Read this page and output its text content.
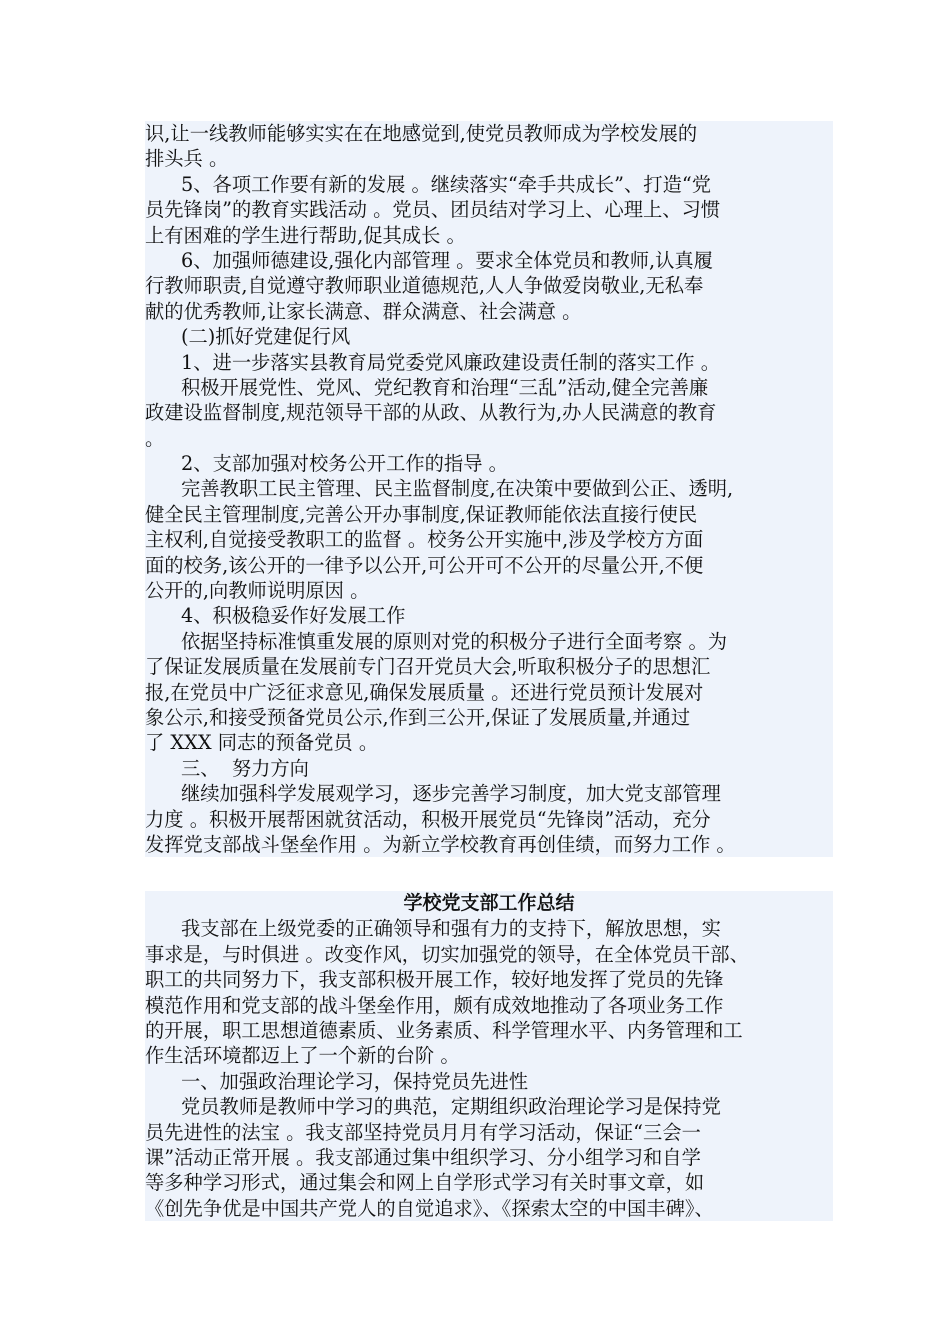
识,让一线教师能够实实在在地感觉到,使党员教师成为学校发展的
排头兵 。
5、各项工作要有新的发展 。继续落实“牵手共成长”、打造“党
员先锋岗”的教育实践活动 。党员、团员结对学习上、心理上、习惯
上有困难的学生进行帮助,促其成长 。
6、加强师德建设,强化内部管理 。要求全体党员和教师,认真履
行教师职责,自觉遵守教师职业道德规范,人人争做爱岗敬业,无私奉
献的优秀教师,让家长满意、群众满意、社会满意 。
(二)抓好党建促行风
1、进一步落实县教育局党委党风廉政建设责任制的落实工作 。
积极开展党性、党风、党纪教育和治理“三乱”活动,健全完善廉
政建设监督制度,规范领导干部的从政、从教行为,办人民满意的教育
。
2、支部加强对校务公开工作的指导 。
完善教职工民主管理、民主监督制度,在决策中要做到公正、透明,
健全民主管理制度,完善公开办事制度,保证教师能依法直接行使民
主权利,自觉接受教职工的监督 。校务公开实施中,涉及学校方方面
面的校务,该公开的一律予以公开,可公开可不公开的尽量公开,不便
公开的,向教师说明原因 。
4、积极稳妥作好发展工作
依据坚持标准慎重发展的原则对党的积极分子进行全面考察 。为
了保证发展质量在发展前专门召开党员大会,听取积极分子的思想汇
报,在党员中广泛征求意见,确保发展质量 。还进行党员预计发展对
象公示,和接受预备党员公示,作到三公开,保证了发展质量,并通过
了 XXX 同志的预备党员 。
三、  努力方向
继续加强科学发展观学习，逐步完善学习制度，加大党支部管理
力度 。积极开展帮困就贫活动，积极开展党员“先锋岗”活动，充分
发挥党支部战斗堡垒作用 。为新立学校教育再创佳绩，而努力工作 。
学校党支部工作总结
我支部在上级党委的正确领导和强有力的支持下，解放思想，实
事求是，与时俱进 。改变作风，切实加强党的领导，在全体党员干部、
职工的共同努力下，我支部积极开展工作，较好地发挥了党员的先锋
模范作用和党支部的战斗堡垒作用，颇有成效地推动了各项业务工作
的开展，职工思想道德素质、业务素质、科学管理水平、内务管理和工
作生活环境都迈上了一个新的台阶 。
一、加强政治理论学习，保持党员先进性
党员教师是教师中学习的典范，定期组织政治理论学习是保持党
员先进性的法宝 。我支部坚持党员月月有学习活动，保证“三会一
课”活动正常开展 。我支部通过集中组织学习、分小组学习和自学
等多种学习形式，通过集会和网上自学形式学习有关时事文章，如
《创先争优是中国共产党人的自觉追求》、《探索太空的中国丰碑》、
